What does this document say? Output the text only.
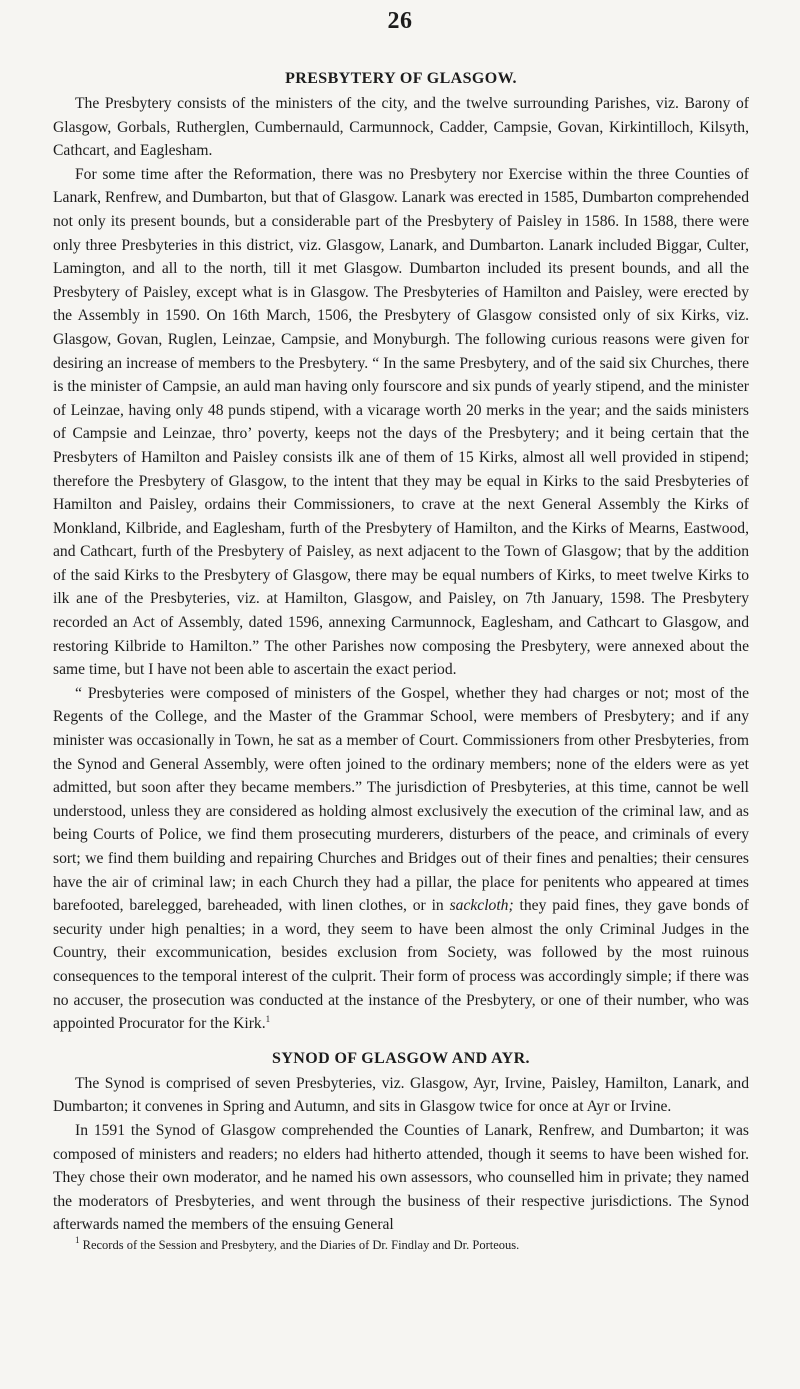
26
PRESBYTERY OF GLASGOW.

The Presbytery consists of the ministers of the city, and the twelve surrounding Parishes, viz. Barony of Glasgow, Gorbals, Rutherglen, Cumbernauld, Carmunnock, Cadder, Campsie, Govan, Kirkintilloch, Kilsyth, Cathcart, and Eaglesham.

For some time after the Reformation, there was no Presbytery nor Exercise within the three Counties of Lanark, Renfrew, and Dumbarton, but that of Glasgow. Lanark was erected in 1585, Dumbarton comprehended not only its present bounds, but a considerable part of the Presbytery of Paisley in 1586. In 1588, there were only three Presbyteries in this district, viz. Glasgow, Lanark, and Dumbarton. Lanark included Biggar, Culter, Lamington, and all to the north, till it met Glasgow. Dumbarton included its present bounds, and all the Presbytery of Paisley, except what is in Glasgow. The Presbyteries of Hamilton and Paisley, were erected by the Assembly in 1590. On 16th March, 1506, the Presbytery of Glasgow consisted only of six Kirks, viz. Glasgow, Govan, Ruglen, Leinzae, Campsie, and Monyburgh. The following curious reasons were given for desiring an increase of members to the Presbytery. “ In the same Presbytery, and of the said six Churches, there is the minister of Campsie, an auld man having only fourscore and six punds of yearly stipend, and the minister of Leinzae, having only 48 punds stipend, with a vicarage worth 20 merks in the year; and the saids ministers of Campsie and Leinzae, thro’ poverty, keeps not the days of the Presbytery; and it being certain that the Presbyters of Hamilton and Paisley consists ilk ane of them of 15 Kirks, almost all well provided in stipend; therefore the Presbytery of Glasgow, to the intent that they may be equal in Kirks to the said Presbyteries of Hamilton and Paisley, ordains their Commissioners, to crave at the next General Assembly the Kirks of Monkland, Kilbride, and Eaglesham, furth of the Presbytery of Hamilton, and the Kirks of Mearns, Eastwood, and Cathcart, furth of the Presbytery of Paisley, as next adjacent to the Town of Glasgow; that by the addition of the said Kirks to the Presbytery of Glasgow, there may be equal numbers of Kirks, to meet twelve Kirks to ilk ane of the Presbyteries, viz. at Hamilton, Glasgow, and Paisley, on 7th January, 1598. The Presbytery recorded an Act of Assembly, dated 1596, annexing Carmunnock, Eaglesham, and Cathcart to Glasgow, and restoring Kilbride to Hamilton.” The other Parishes now composing the Presbytery, were annexed about the same time, but I have not been able to ascertain the exact period.

“ Presbyteries were composed of ministers of the Gospel, whether they had charges or not; most of the Regents of the College, and the Master of the Grammar School, were members of Presbytery; and if any minister was occasionally in Town, he sat as a member of Court. Commissioners from other Presbyteries, from the Synod and General Assembly, were often joined to the ordinary members; none of the elders were as yet admitted, but soon after they became members.” The jurisdiction of Presbyteries, at this time, cannot be well understood, unless they are considered as holding almost exclusively the execution of the criminal law, and as being Courts of Police, we find them prosecuting murderers, disturbers of the peace, and criminals of every sort; we find them building and repairing Churches and Bridges out of their fines and penalties; their censures have the air of criminal law; in each Church they had a pillar, the place for penitents who appeared at times barefooted, barelegged, bareheaded, with linen clothes, or in sackcloth; they paid fines, they gave bonds of security under high penalties; in a word, they seem to have been almost the only Criminal Judges in the Country, their excommunication, besides exclusion from Society, was followed by the most ruinous consequences to the temporal interest of the culprit. Their form of process was accordingly simple; if there was no accuser, the prosecution was conducted at the instance of the Presbytery, or one of their number, who was appointed Procurator for the Kirk.$^1$

SYNOD OF GLASGOW AND AYR.

The Synod is comprised of seven Presbyteries, viz. Glasgow, Ayr, Irvine, Paisley, Hamilton, Lanark, and Dumbarton; it convenes in Spring and Autumn, and sits in Glasgow twice for once at Ayr or Irvine.

In 1591 the Synod of Glasgow comprehended the Counties of Lanark, Renfrew, and Dumbarton; it was composed of ministers and readers; no elders had hitherto attended, though it seems to have been wished for. They chose their own moderator, and he named his own assessors, who counselled him in private; they named the moderators of Presbyteries, and went through the business of their respective jurisdictions. The Synod afterwards named the members of the ensuing General

$^1$ Records of the Session and Presbytery, and the Diaries of Dr. Findlay and Dr. Porteous.
